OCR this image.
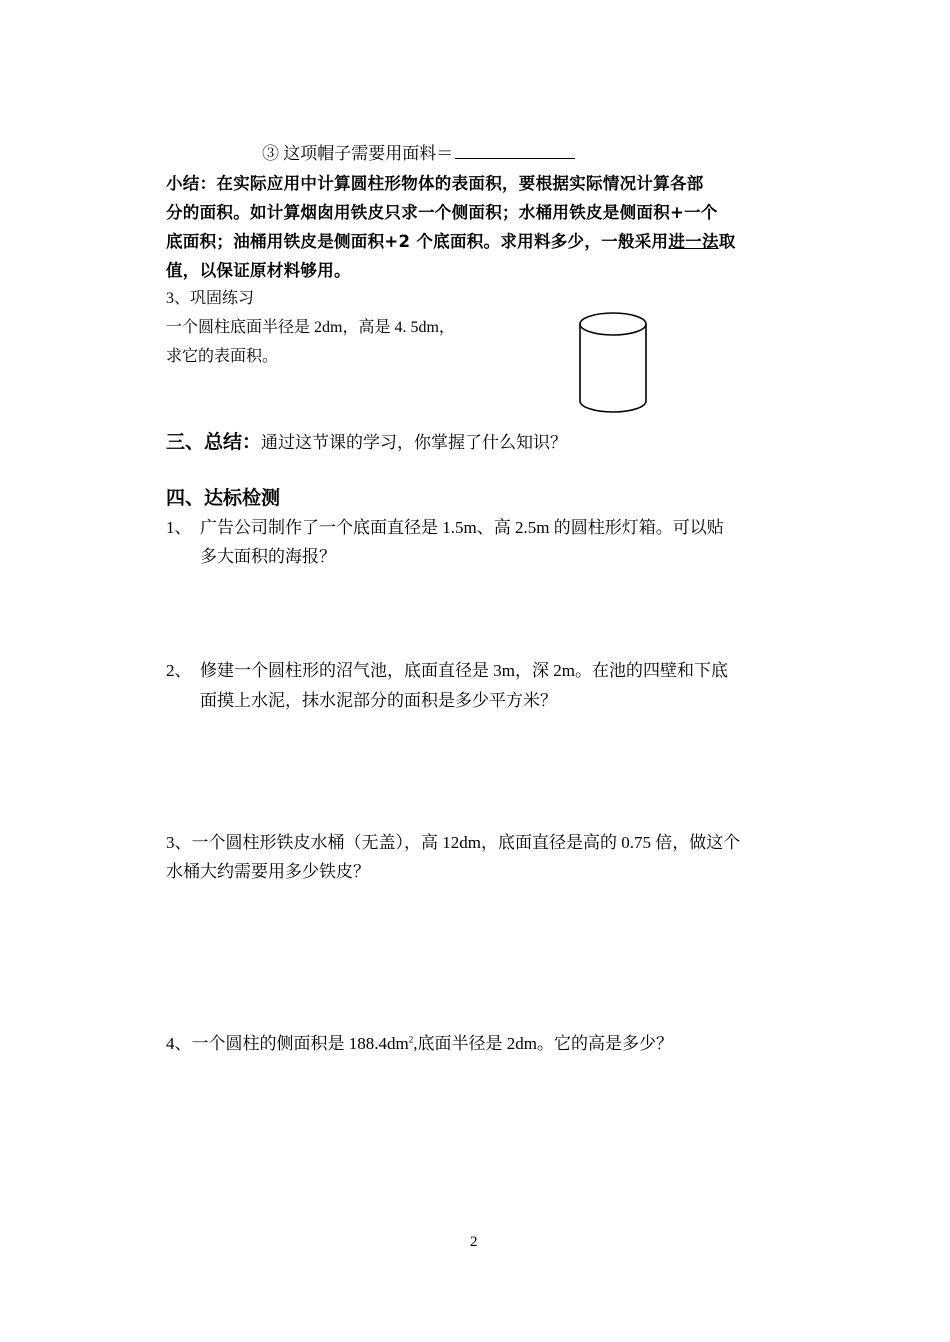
③ 这项帽子需要用面料＝
小结：在实际应用中计算圆柱形物体的表面积，要根据实际情况计算各部
分的面积。如计算烟囱用铁皮只求一个侧面积；水桶用铁皮是侧面积+一个
底面积；油桶用铁皮是侧面积+2 个底面积。求用料多少，一般采用进一法取
值，以保证原材料够用。
3、巩固练习
一个圆柱底面半径是 2dm，高是 4. 5dm，
求它的表面积。
三、总结：通过这节课的学习，你掌握了什么知识？
四、达标检测
1、 广告公司制作了一个底面直径是 1.5m、高 2.5m 的圆柱形灯箱。可以贴
多大面积的海报？
2、 修建一个圆柱形的沼气池，底面直径是 3m，深 2m。在池的四壁和下底
面摸上水泥，抹水泥部分的面积是多少平方米？
3、一个圆柱形铁皮水桶（无盖），高 12dm，底面直径是高的 0.75 倍，做这个
水桶大约需要用多少铁皮？
4、一个圆柱的侧面积是 $188.4dm^2$,底面半径是 2dm。它的高是多少？
2
